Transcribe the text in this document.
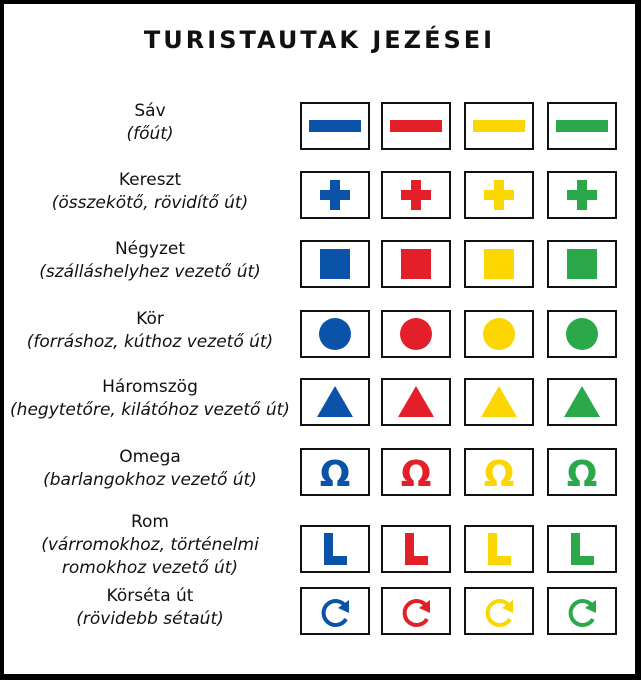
TURISTAUTAK JEZÉSEI
Sáv
(főút)
Kereszt
(összekötő, rövidítő út)
Négyzet
(szálláshelyhez vezető út)
Kör
(forráshoz, kúthoz vezető út)
Háromszög
(hegytetőre, kilátóhoz vezető út)
Omega
(barlangokhoz vezető út)	Ω Ω Ω Ω
Rom
(várromokhoz, történelmi
romokhoz vezető út)
Körséta út
(rövidebb sétaút)
